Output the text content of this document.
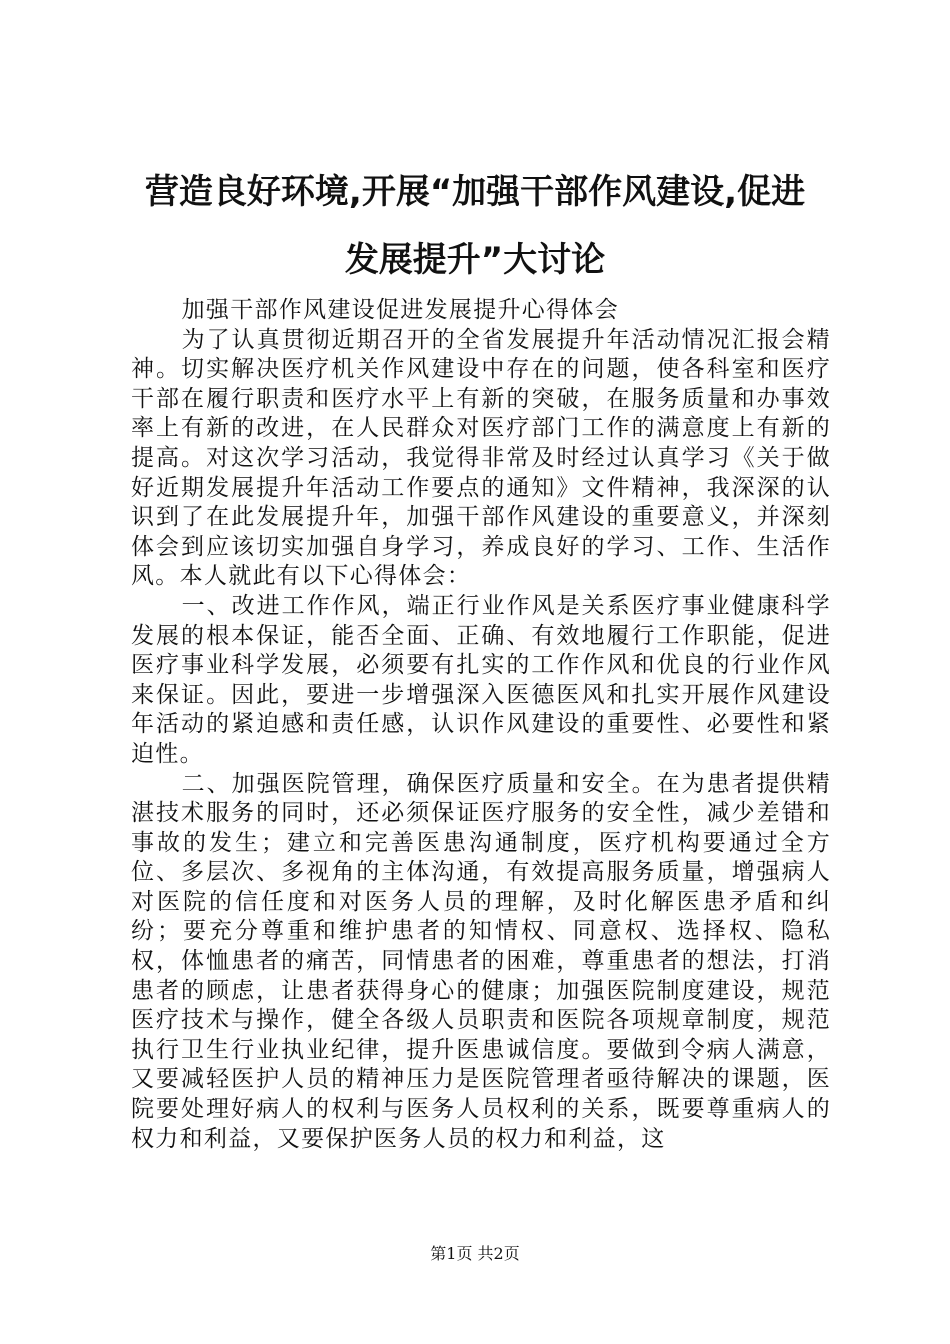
营造良好环境,开展“加强干部作风建设,促进
发展提升”大讨论

加强干部作风建设促进发展提升心得体会

为了认真贯彻近期召开的全省发展提升年活动情况汇报会精神。切实解决医疗机关作风建设中存在的问题，使各科室和医疗干部在履行职责和医疗水平上有新的突破，在服务质量和办事效率上有新的改进，在人民群众对医疗部门工作的满意度上有新的提高。对这次学习活动，我觉得非常及时经过认真学习《关于做好近期发展提升年活动工作要点的通知》文件精神，我深深的认识到了在此发展提升年，加强干部作风建设的重要意义，并深刻体会到应该切实加强自身学习，养成良好的学习、工作、生活作风。本人就此有以下心得体会：

一、改进工作作风，端正行业作风是关系医疗事业健康科学发展的根本保证，能否全面、正确、有效地履行工作职能，促进医疗事业科学发展，必须要有扎实的工作作风和优良的行业作风来保证。因此，要进一步增强深入医德医风和扎实开展作风建设年活动的紧迫感和责任感，认识作风建设的重要性、必要性和紧迫性。

二、加强医院管理，确保医疗质量和安全。在为患者提供精湛技术服务的同时，还必须保证医疗服务的安全性，减少差错和事故的发生；建立和完善医患沟通制度，医疗机构要通过全方位、多层次、多视角的主体沟通，有效提高服务质量，增强病人对医院的信任度和对医务人员的理解，及时化解医患矛盾和纠纷；要充分尊重和维护患者的知情权、同意权、选择权、隐私权，体恤患者的痛苦，同情患者的困难，尊重患者的想法，打消患者的顾虑，让患者获得身心的健康；加强医院制度建设，规范医疗技术与操作，健全各级人员职责和医院各项规章制度，规范执行卫生行业执业纪律，提升医患诚信度。要做到令病人满意，又要减轻医护人员的精神压力是医院管理者亟待解决的课题，医院要处理好病人的权利与医务人员权利的关系，既要尊重病人的权力和利益，又要保护医务人员的权力和利益，这

第1页 共2页
